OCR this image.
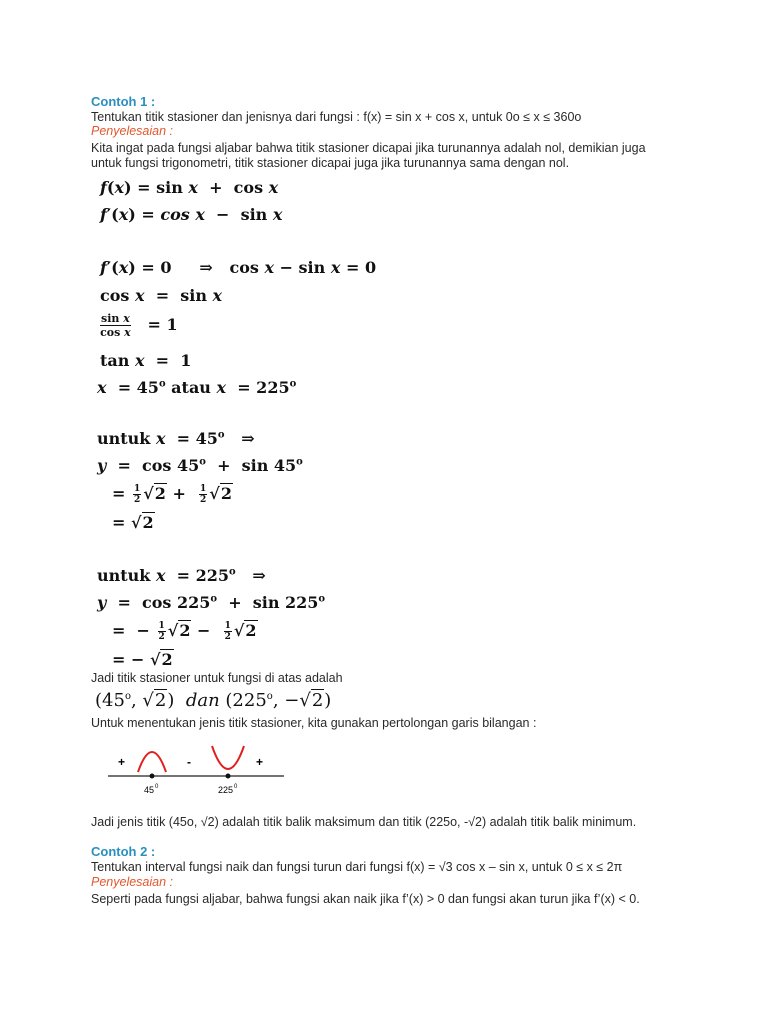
Contoh 1 :
Tentukan titik stasioner dan jenisnya dari fungsi : f(x) = sin x + cos x, untuk 0o ≤ x ≤ 360o
Penyelesaian :
Kita ingat pada fungsi aljabar bahwa titik stasioner dicapai jika turunannya adalah nol, demikian juga
untuk fungsi trigonometri, titik stasioner dicapai juga jika turunannya sama dengan nol.
f(x) = sin x  +  cos x
f′(x) = cos x  −  sin x
f′(x) = 0     ⇒   cos x − sin x = 0
cos x  =  sin x
$\frac{\text{sin x}}{\text{cos x}} = 1$
tan x  =  1
$x = 45^o$ atau $x = 225^o$
untuk $x = 45^o$   ⇒
$y = \cos 45^o + \sin 45^o$
= $\frac{1}{2} √2 + \frac{1}{2} √2$
= √2
untuk $x = 225^o$   ⇒
$y = \cos 225^o + \sin 225^o$
=  − $\frac{1}{2} √2 - \frac{1}{2} √2$
= − √2
Jadi titik stasioner untuk fungsi di atas adalah
(45$^o$, √2)  dan ($225^o$, −√2)
Untuk menentukan jenis titik stasioner, kita gunakan pertolongan garis bilangan :
+	-	+
45 0	225 0
Jadi jenis titik (45o, √2) adalah titik balik maksimum dan titik (225o, -√2) adalah titik balik minimum.
Contoh 2 :
Tentukan interval fungsi naik dan fungsi turun dari fungsi f(x) = √3 cos x – sin x, untuk 0 ≤ x ≤ 2π
Penyelesaian :
Seperti pada fungsi aljabar, bahwa fungsi akan naik jika f’(x) > 0 dan fungsi akan turun jika f’(x) < 0.
